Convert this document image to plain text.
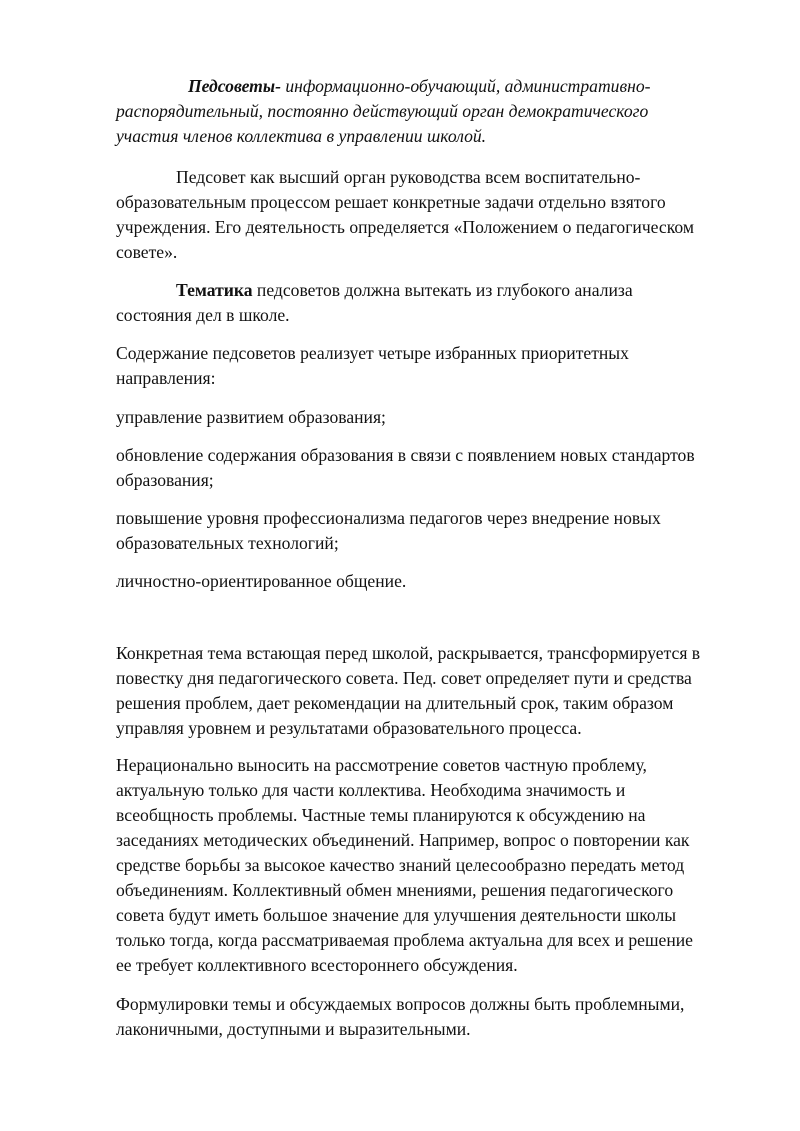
Педсоветы- информационно-обучающий, административно-
распорядительный, постоянно действующий орган демократического
участия членов коллектива в управлении школой.

Педсовет как высший орган руководства всем воспитательно-
образовательным процессом решает конкретные задачи отдельно взятого
учреждения. Его деятельность определяется «Положением о педагогическом
совете».

Тематика педсоветов должна вытекать из глубокого анализа
состояния дел в школе.

Содержание педсоветов реализует четыре избранных приоритетных
направления:

управление развитием образования;

обновление содержания образования в связи с появлением новых стандартов
образования;

повышение уровня профессионализма педагогов через внедрение новых
образовательных технологий;

личностно-ориентированное общение.

Конкретная тема встающая перед школой, раскрывается, трансформируется в
повестку дня педагогического совета. Пед. совет определяет пути и средства
решения проблем, дает рекомендации на длительный срок, таким образом
управляя уровнем и результатами образовательного процесса.

Нерационально выносить на рассмотрение советов частную проблему,
актуальную только для части коллектива. Необходима значимость и
всеобщность проблемы. Частные темы планируются к обсуждению на
заседаниях методических объединений. Например, вопрос о повторении как
средстве борьбы за высокое качество знаний целесообразно передать метод
объединениям. Коллективный обмен мнениями, решения педагогического
совета будут иметь большое значение для улучшения деятельности школы
только тогда, когда рассматриваемая проблема актуальна для всех и решение
ее требует коллективного всестороннего обсуждения.

Формулировки темы и обсуждаемых вопросов должны быть проблемными,
лаконичными, доступными и выразительными.
